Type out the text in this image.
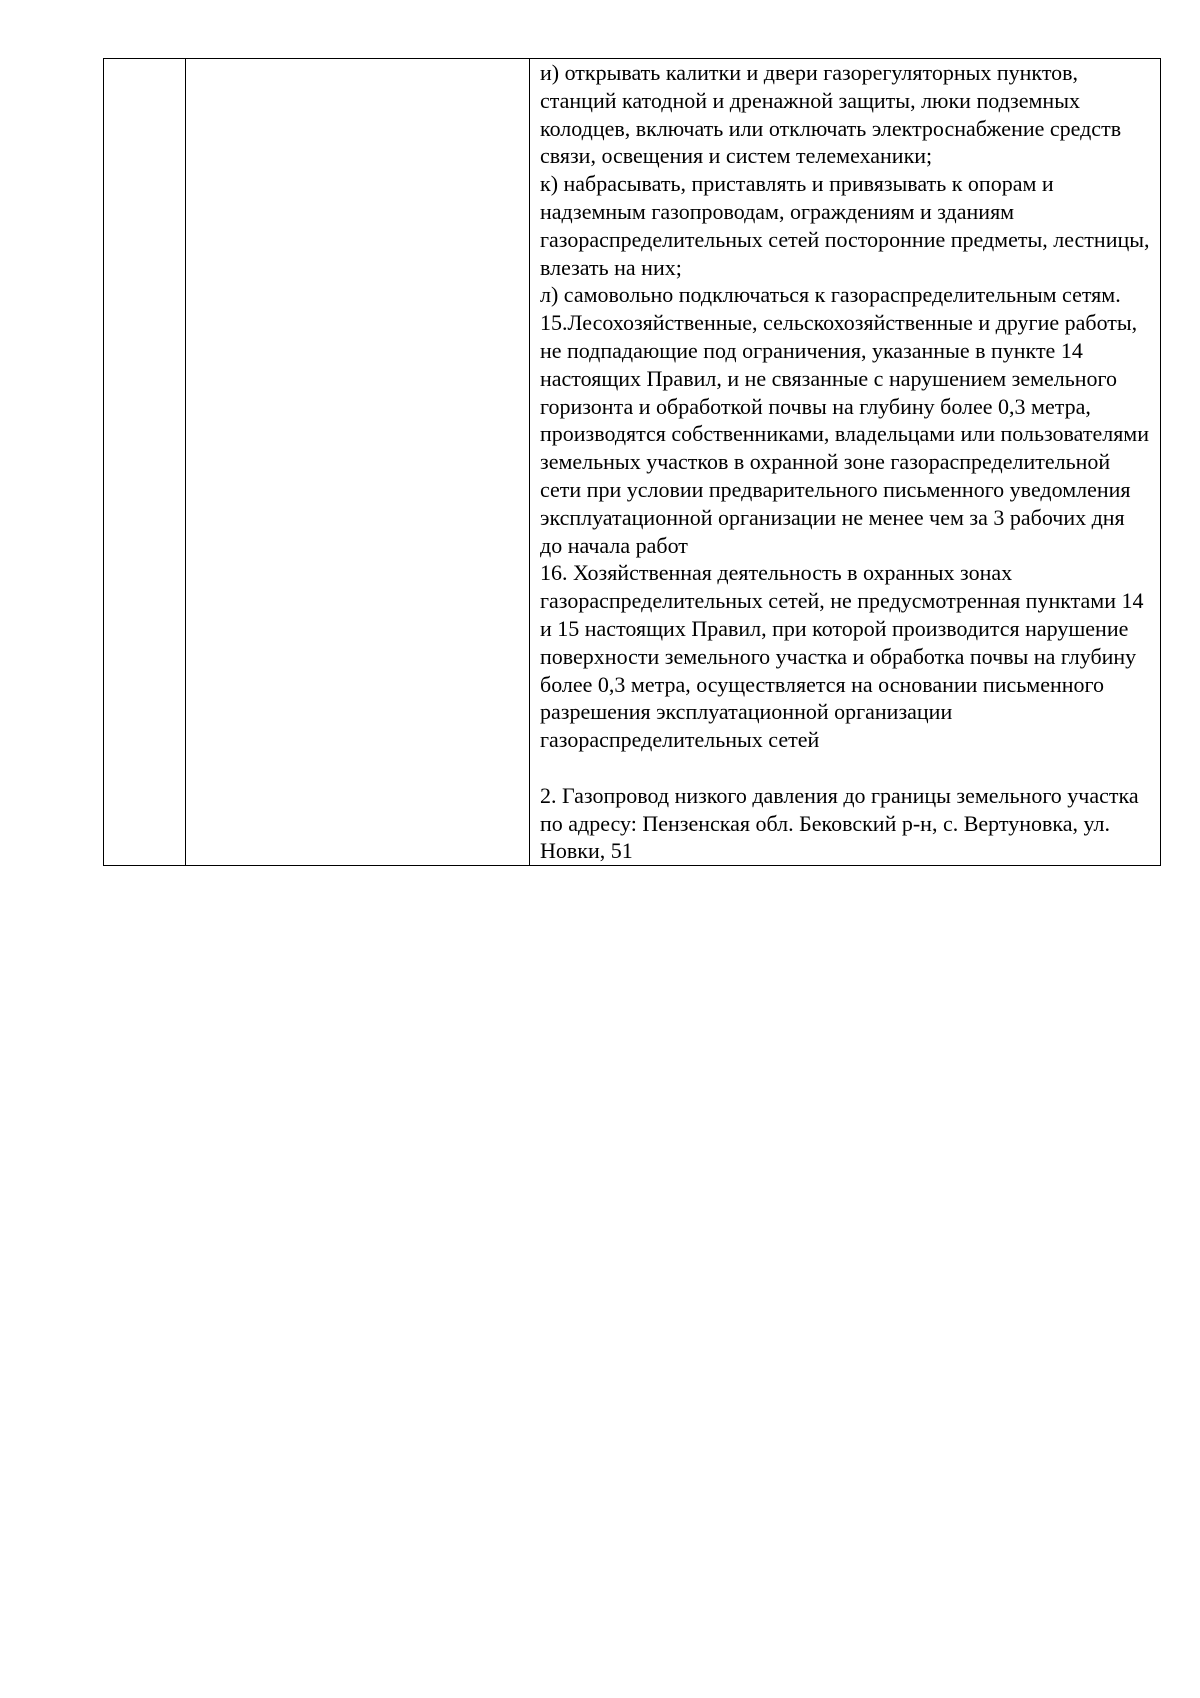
и) открывать калитки и двери газорегуляторных пунктов, станций катодной и дренажной защиты, люки подземных колодцев, включать или отключать электроснабжение средств связи, освещения и систем телемеханики;

к) набрасывать, приставлять и привязывать к опорам и надземным газопроводам, ограждениям и зданиям газораспределительных сетей посторонние предметы, лестницы, влезать на них;

л) самовольно подключаться к газораспределительным сетям.

15.Лесохозяйственные, сельскохозяйственные и другие работы, не подпадающие под ограничения, указанные в пункте 14 настоящих Правил, и не связанные с нарушением земельного горизонта и обработкой почвы на глубину более 0,3 метра, производятся собственниками, владельцами или пользователями земельных участков в охранной зоне газораспределительной сети при условии предварительного письменного уведомления эксплуатационной организации не менее чем за 3 рабочих дня до начала работ

16. Хозяйственная деятельность в охранных зонах газораспределительных сетей, не предусмотренная пунктами 14 и 15 настоящих Правил, при которой производится нарушение поверхности земельного участка и обработка почвы на глубину более 0,3 метра, осуществляется на основании письменного разрешения эксплуатационной организации газораспределительных сетей

2. Газопровод низкого давления до границы земельного участка по адресу: Пензенская обл. Бековский р-н, с. Вертуновка, ул. Новки, 51
